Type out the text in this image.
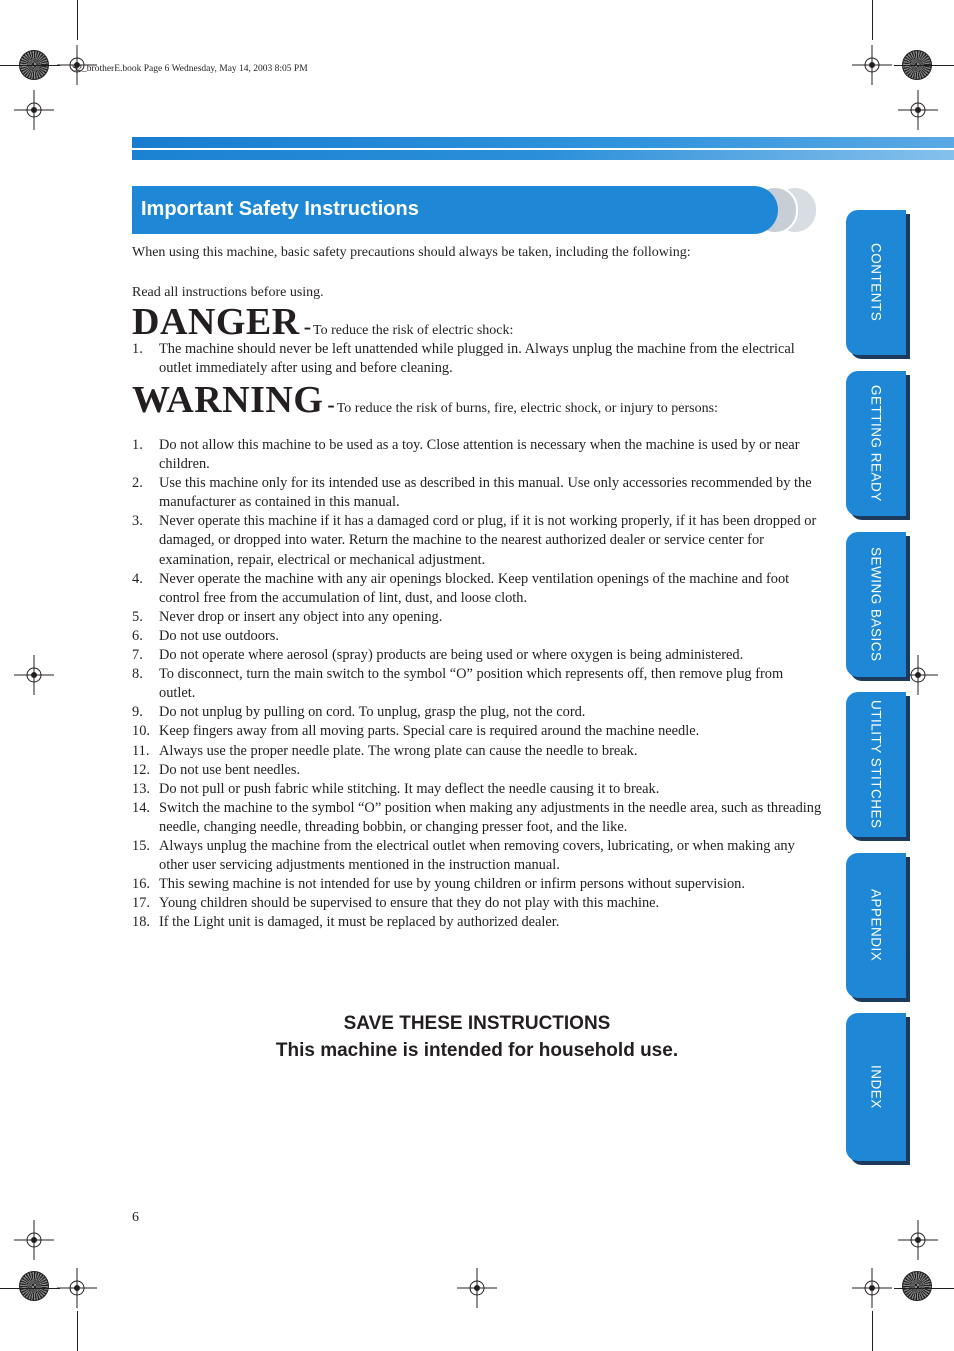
S2_brotherE.book Page 6 Wednesday, May 14, 2003 8:05 PM
Important Safety Instructions
When using this machine, basic safety precautions should always be taken, including the following:
Read all instructions before using.
DANGER - To reduce the risk of electric shock:
1. The machine should never be left unattended while plugged in. Always unplug the machine from the electrical outlet immediately after using and before cleaning.
WARNING - To reduce the risk of burns, fire, electric shock, or injury to persons:
1. Do not allow this machine to be used as a toy. Close attention is necessary when the machine is used by or near children.
2. Use this machine only for its intended use as described in this manual. Use only accessories recommended by the manufacturer as contained in this manual.
3. Never operate this machine if it has a damaged cord or plug, if it is not working properly, if it has been dropped or damaged, or dropped into water. Return the machine to the nearest authorized dealer or service center for examination, repair, electrical or mechanical adjustment.
4. Never operate the machine with any air openings blocked. Keep ventilation openings of the machine and foot control free from the accumulation of lint, dust, and loose cloth.
5. Never drop or insert any object into any opening.
6. Do not use outdoors.
7. Do not operate where aerosol (spray) products are being used or where oxygen is being administered.
8. To disconnect, turn the main switch to the symbol “O” position which represents off, then remove plug from outlet.
9. Do not unplug by pulling on cord. To unplug, grasp the plug, not the cord.
10. Keep fingers away from all moving parts. Special care is required around the machine needle.
11. Always use the proper needle plate. The wrong plate can cause the needle to break.
12. Do not use bent needles.
13. Do not pull or push fabric while stitching. It may deflect the needle causing it to break.
14. Switch the machine to the symbol “O” position when making any adjustments in the needle area, such as threading needle, changing needle, threading bobbin, or changing presser foot, and the like.
15. Always unplug the machine from the electrical outlet when removing covers, lubricating, or when making any other user servicing adjustments mentioned in the instruction manual.
16. This sewing machine is not intended for use by young children or infirm persons without supervision.
17. Young children should be supervised to ensure that they do not play with this machine.
18. If the Light unit is damaged, it must be replaced by authorized dealer.
SAVE THESE INSTRUCTIONS
This machine is intended for household use.
6
CONTENTS
GETTING READY
SEWING BASICS
UTILITY STITCHES
APPENDIX
INDEX
